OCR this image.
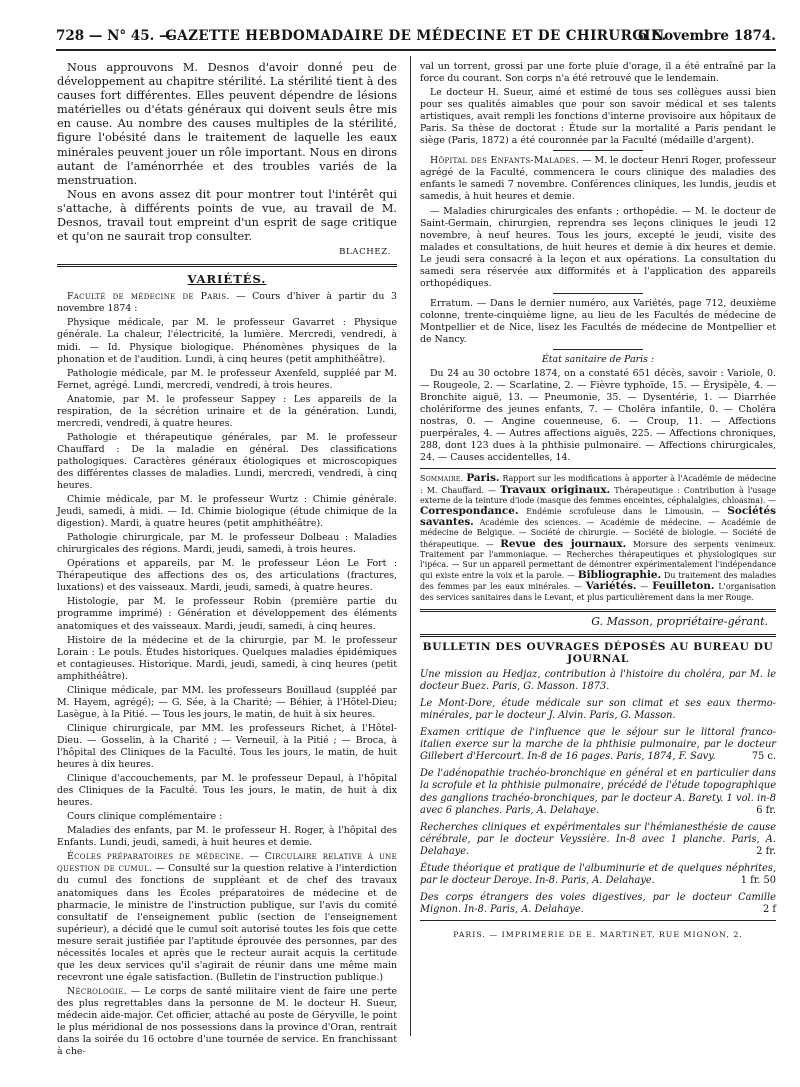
728 — N° 45. —
GAZETTE HEBDOMADAIRE DE MÉDECINE ET DE CHIRURGIE.
6 Novembre 1874.

Nous approuvons M. Desnos d'avoir donné peu de développement au chapitre stérilité. La stérilité tient à des causes fort différentes. Elles peuvent dépendre de lésions matérielles ou d'états généraux qui doivent seuls être mis en cause. Au nombre des causes multiples de la stérilité, figure l'obésité dans le traitement de laquelle les eaux minérales peuvent jouer un rôle important. Nous en dirons autant de l'aménorrhée et des troubles variés de la menstruation.

Nous en avons assez dit pour montrer tout l'intérêt qui s'attache, à différents points de vue, au travail de M. Desnos, travail tout empreint d'un esprit de sage critique et qu'on ne saurait trop consulter.

BLACHEZ.
VARIÉTÉS.

Faculté de médecine de Paris. — Cours d'hiver à partir du 3 novembre 1874 :

Physique médicale, par M. le professeur Gavarret : Physique générale. La chaleur, l'électricité, la lumière. Mercredi, vendredi, à midi. — Id. Physique biologique. Phénomènes physiques de la phonation et de l'audition. Lundi, à cinq heures (petit amphithéâtre).

Pathologie médicale, par M. le professeur Axenfeld, suppléé par M. Fernet, agrégé. Lundi, mercredi, vendredi, à trois heures.

Anatomie, par M. le professeur Sappey : Les appareils de la respiration, de la sécrétion urinaire et de la génération. Lundi, mercredi, vendredi, à quatre heures.

Pathologie et thérapeutique générales, par M. le professeur Chauffard : De la maladie en général. Des classifications pathologiques. Caractères généraux étiologiques et microscopiques des différentes classes de maladies. Lundi, mercredi, vendredi, à cinq heures.

Chimie médicale, par M. le professeur Wurtz : Chimie générale. Jeudi, samedi, à midi. — Id. Chimie biologique (étude chimique de la digestion). Mardi, à quatre heures (petit amphithéâtre).

Pathologie chirurgicale, par M. le professeur Dolbeau : Maladies chirurgicales des régions. Mardi, jeudi, samedi, à trois heures.

Opérations et appareils, par M. le professeur Léon Le Fort : Thérapeutique des affections des os, des articulations (fractures, luxations) et des vaisseaux. Mardi, jeudi, samedi, à quatre heures.

Histologie, par M. le professeur Robin (première partie du programme imprimé) : Génération et développement des éléments anatomiques et des vaisseaux. Mardi, jeudi, samedi, à cinq heures.

Histoire de la médecine et de la chirurgie, par M. le professeur Lorain : Le pouls. Études historiques. Quelques maladies épidémiques et contagieuses. Historique. Mardi, jeudi, samedi, à cinq heures (petit amphithéâtre).

Clinique médicale, par MM. les professeurs Bouillaud (suppléé par M. Hayem, agrégé); — G. Sée, à la Charité; — Béhier, à l'Hôtel-Dieu; Lasègue, à la Pitié. — Tous les jours, le matin, de huit à six heures.

Clinique chirurgicale, par MM. les professeurs Richet, à l'Hôtel-Dieu. — Gosselin, à la Charité ; — Verneuil, à la Pitié ; — Broca, à l'hôpital des Cliniques de la Faculté. Tous les jours, le matin, de huit heures à dix heures.

Clinique d'accouchements, par M. le professeur Depaul, à l'hôpital des Cliniques de la Faculté. Tous les jours, le matin, de huit à dix heures.

Cours clinique complémentaire :

Maladies des enfants, par M. le professeur H. Roger, à l'hôpital des Enfants. Lundi, jeudi, samedi, à huit heures et demie.

Écoles préparatoires de médecine. — Circulaire relative à une question de cumul. — Consulté sur la question relative à l'interdiction du cumul des fonctions de suppléant et de chef des travaux anatomiques dans les Écoles préparatoires de médecine et de pharmacie, le ministre de l'instruction publique, sur l'avis du comité consultatif de l'enseignement public (section de l'enseignement supérieur), a décidé que le cumul soit autorisé toutes les fois que cette mesure serait justifiée par l'aptitude éprouvée des personnes, par des nécessités locales et après que le recteur aurait acquis la certitude que les deux services qu'il s'agirait de réunir dans une même main recevront une égale satisfaction. (Bulletin de l'instruction publique.)

Nécrologie. — Le corps de santé militaire vient de faire une perte des plus regrettables dans la personne de M. le docteur H. Sueur, médecin aide-major. Cet officier, attaché au poste de Géryville, le point le plus méridional de nos possessions dans la province d'Oran, rentrait dans la soirée du 16 octobre d'une tournée de service. En franchissant à che-

val un torrent, grossi par une forte pluie d'orage, il a été entraîné par la force du courant. Son corps n'a été retrouvé que le lendemain.

Le docteur H. Sueur, aimé et estimé de tous ses collègues aussi bien pour ses qualités aimables que pour son savoir médical et ses talents artistiques, avait rempli les fonctions d'interne provisoire aux hôpitaux de Paris. Sa thèse de doctorat : Étude sur la mortalité a Paris pendant le siège (Paris, 1872) a été couronnée par la Faculté (médaille d'argent).

Hôpital des Enfants-Malades. — M. le docteur Henri Roger, professeur agrégé de la Faculté, commencera le cours clinique des maladies des enfants le samedi 7 novembre. Conférences cliniques, les lundis, jeudis et samedis, à huit heures et demie.

— Maladies chirurgicales des enfants ; orthopédie. — M. le docteur de Saint-Germain, chirurgien, reprendra ses leçons cliniques le jeudi 12 novembre, à neuf heures. Tous les jours, excepté le jeudi, visite des malades et consultations, de huit heures et demie à dix heures et demie. Le jeudi sera consacré à la leçon et aux opérations. La consultation du samedi sera réservée aux difformités et à l'application des appareils orthopédiques.

Erratum. — Dans le dernier numéro, aux Variétés, page 712, deuxième colonne, trente-cinquième ligne, au lieu de les Facultés de médecine de Montpellier et de Nice, lisez les Facultés de médecine de Montpellier et de Nancy.

État sanitaire de Paris :

Du 24 au 30 octobre 1874, on a constaté 651 décès, savoir : Variole, 0. — Rougeole, 2. — Scarlatine, 2. — Fièvre typhoïde, 15. — Érysipèle, 4. — Bronchite aiguë, 13. — Pneumonie, 35. — Dysentérie, 1. — Diarrhée cholériforme des jeunes enfants, 7. — Choléra infantile, 0. — Choléra nostras, 0. — Angine couenneuse, 6. — Croup, 11. — Affections puerpérales, 4. — Autres affections aiguës, 225. — Affections chroniques, 288, dont 123 dues à la phthisie pulmonaire. — Affections chirurgicales, 24. — Causes accidentelles, 14.

Sommaire. Paris. Rapport sur les modifications à apporter à l'Académie de médecine : M. Chauffard. — Travaux originaux. Thérapeutique : Contribution à l'usage externe de la teinture d'iode (masque des femmes enceintes, céphalalgies, chloasma). — Correspondance. Endémie scrofuleuse dans le Limousin. — Sociétés savantes. Académie des sciences. — Académie de médecine. — Académie de médecine de Belgique. — Société de chirurgie. — Société de biologie. — Société de thérapeutique. — Revue des journaux. Morsure des serpents venimeux. Traitement par l'ammoniaque. — Recherches thérapeutiques et physiologiques sur l'ipéca. — Sur un appareil permettant de démontrer expérimentalement l'indépendance qui existe entre la voix et la parole. — Bibliographie. Du traitement des maladies des femmes par les eaux minérales. — Variétés. — Feuilleton. L'organisation des services sanitaires dans le Levant, et plus particulièrement dans la mer Rouge.
G. Masson, propriétaire-gérant.
BULLETIN DES OUVRAGES DÉPOSÉS AU BUREAU DU JOURNAL

Une mission au Hedjaz, contribution à l'histoire du choléra, par M. le docteur Buez. Paris, G. Masson. 1873.

Le Mont-Dore, étude médicale sur son climat et ses eaux thermo-minérales, par le docteur J. Alvin. Paris, G. Masson.

Examen critique de l'influence que le séjour sur le littoral franco-italien exerce sur la marche de la phthisie pulmonaire, par le docteur Gillebert d'Hercourt. In-8 de 16 pages. Paris, 1874, F. Savy.	75 c.

De l'adénopathie trachéo-bronchique en général et en particulier dans la scrofule et la phthisie pulmonaire, précédé de l'étude topographique des ganglions trachéo-bronchiques, par le docteur A. Barety. 1 vol. in-8 avec 6 planches. Paris, A. Delahaye.	6 fr.

Recherches cliniques et expérimentales sur l'hémianesthésie de cause cérébrale, par le docteur Veyssière. In-8 avec 1 planche. Paris, A. Delahaye.	2 fr.

Étude théorique et pratique de l'albuminurie et de quelques néphrites, par le docteur Deroye. In-8. Paris, A. Delahaye.	1 fr. 50

Des corps étrangers des voies digestives, par le docteur Camille Mignon. In-8. Paris, A. Delahaye.	2 f

PARIS. — IMPRIMERIE DE E. MARTINET, RUE MIGNON, 2.
